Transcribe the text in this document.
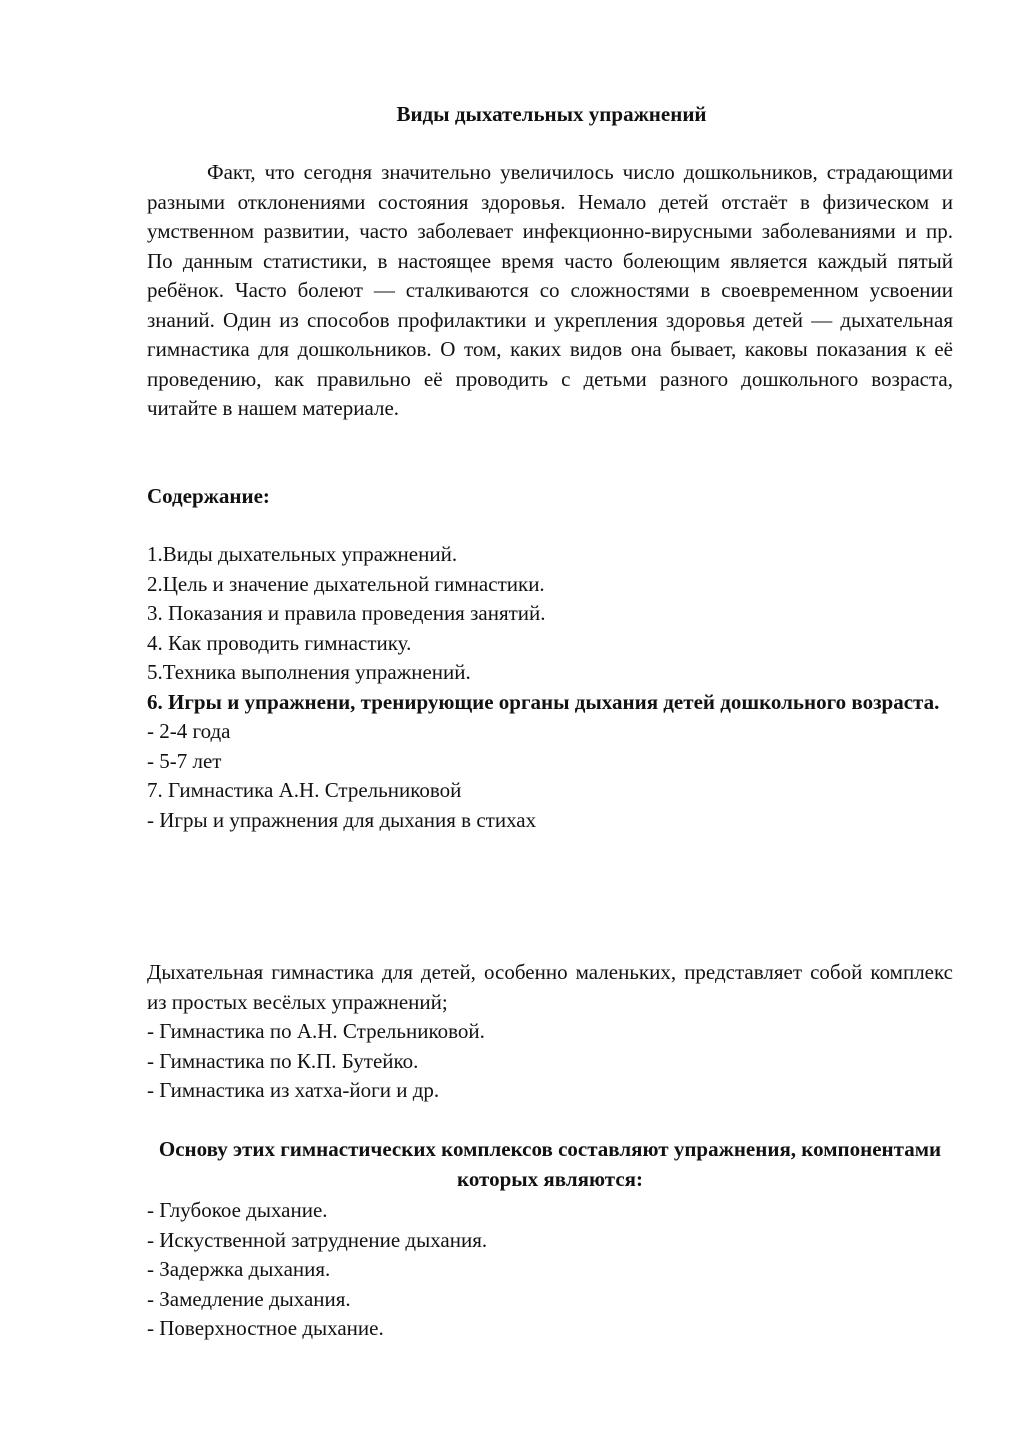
Виды дыхательных упражнений

Факт, что сегодня значительно увеличилось число дошкольников, страдающими разными отклонениями состояния здоровья. Немало детей отстаёт в физическом и умственном развитии, часто заболевает инфекционно-вирусными заболеваниями и пр. По данным статистики, в настоящее время часто болеющим является каждый пятый ребёнок. Часто болеют — сталкиваются со сложностями в своевременном усвоении знаний. Один из способов профилактики и укрепления здоровья детей — дыхательная гимнастика для дошкольников. О том, каких видов она бывает, каковы показания к её проведению, как правильно её проводить с детьми разного дошкольного возраста, читайте в нашем материале.

Содержание:
1.Виды дыхательных упражнений.
2.Цель и значение дыхательной гимнастики.
3. Показания и правила проведения занятий.
4. Как проводить гимнастику.
5.Техника выполнения упражнений.
6. Игры и упражнени, тренирующие органы дыхания детей дошкольного возраста.
- 2-4 года
- 5-7 лет
7. Гимнастика А.Н. Стрельниковой
- Игры и упражнения для дыхания в стихах

Дыхательная гимнастика для детей, особенно маленьких, представляет собой комплекс из простых весёлых упражнений;

- Гимнастика по А.Н. Стрельниковой.
- Гимнастика по К.П. Бутейко.
- Гимнастика из хатха-йоги и др.
Основу этих гимнастических комплексов составляют упражнения, компонентами которых являются:
- Глубокое дыхание.
- Искуственной затруднение дыхания.
- Задержка дыхания.
- Замедление дыхания.
- Поверхностное дыхание.
